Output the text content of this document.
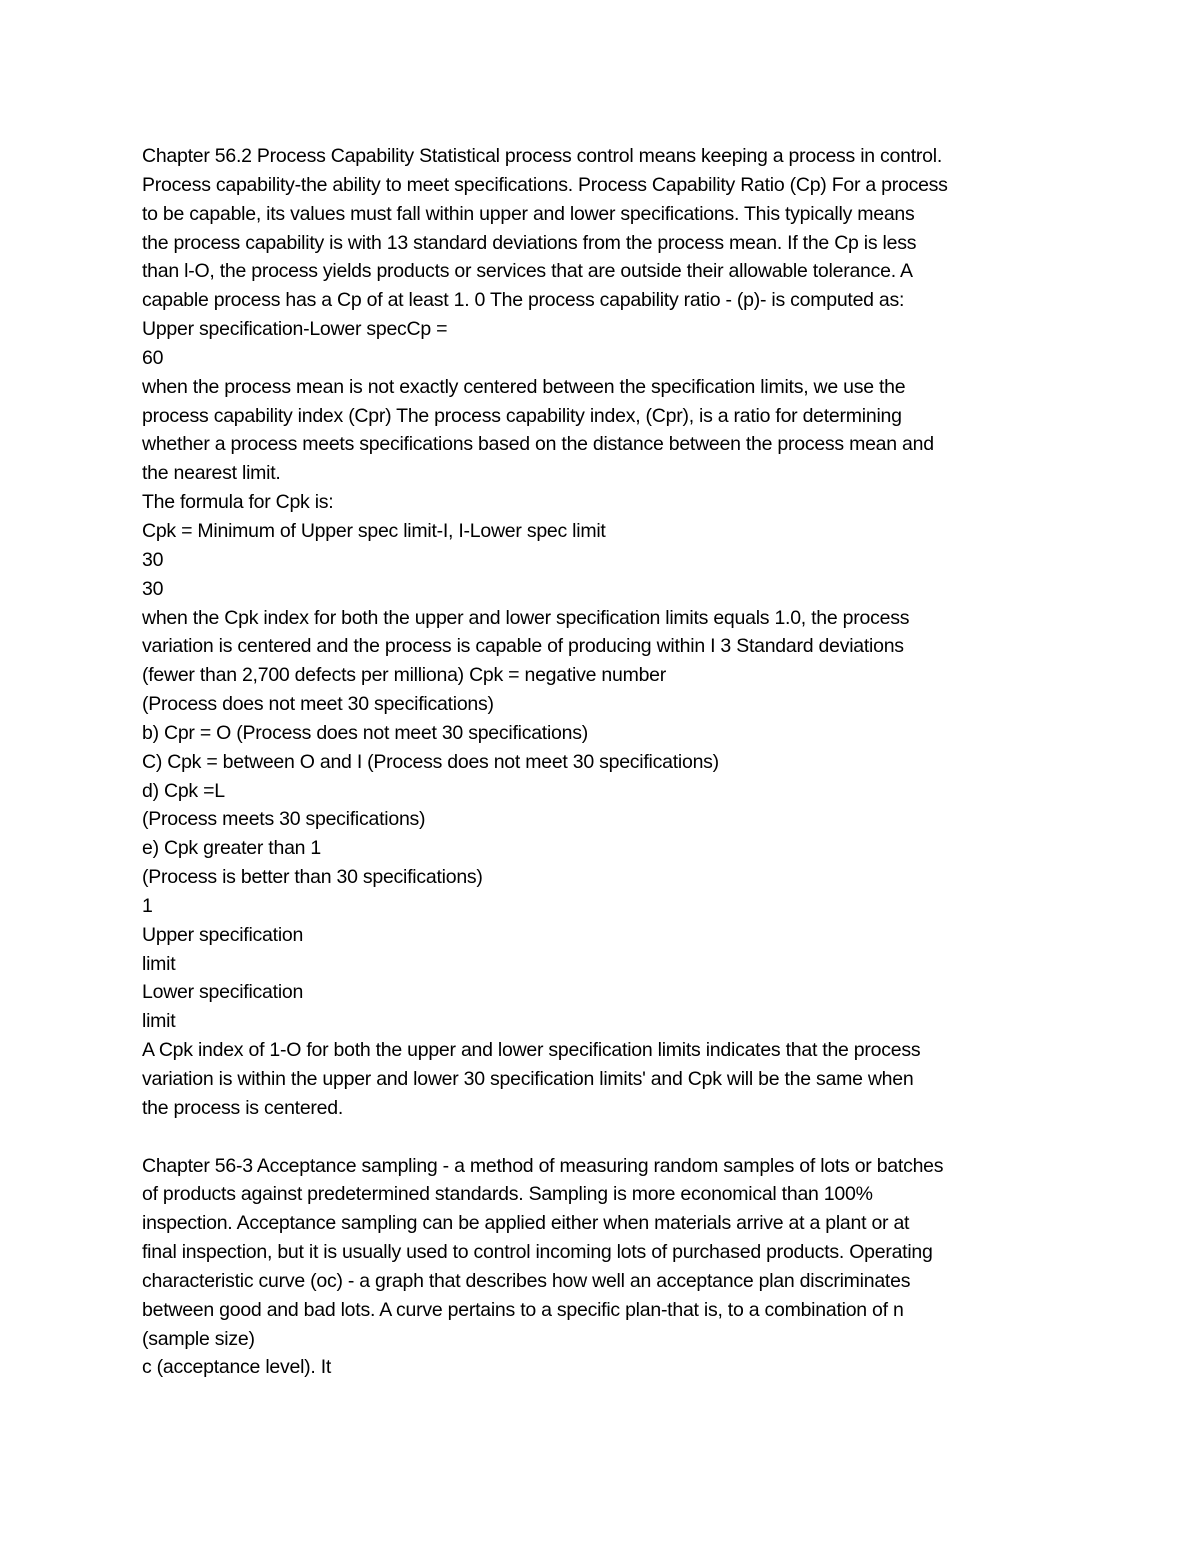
Chapter 56.2 Process Capability Statistical process control means keeping a process in control.
Process capability-the ability to meet specifications. Process Capability Ratio (Cp) For a process
to be capable, its values must fall within upper and lower specifications. This typically means
the process capability is with 13 standard deviations from the process mean. If the Cp is less
than l-O, the process yields products or services that are outside their allowable tolerance. A
capable process has a Cp of at least 1. 0 The process capability ratio - (p)- is computed as:
Upper specification-Lower specCp =
60
when the process mean is not exactly centered between the specification limits, we use the
process capability index (Cpr) The process capability index, (Cpr), is a ratio for determining
whether a process meets specifications based on the distance between the process mean and
the nearest limit.
The formula for Cpk is:
Cpk = Minimum of Upper spec limit-I, I-Lower spec limit
30
30
when the Cpk index for both the upper and lower specification limits equals 1.0, the process
variation is centered and the process is capable of producing within I 3 Standard deviations
(fewer than 2,700 defects per milliona) Cpk = negative number
(Process does not meet 30 specifications)
b) Cpr = O (Process does not meet 30 specifications)
C) Cpk = between O and I (Process does not meet 30 specifications)
d) Cpk =L
(Process meets 30 specifications)
e) Cpk greater than 1
(Process is better than 30 specifications)
1
Upper specification
limit
Lower specification
limit
A Cpk index of 1-O for both the upper and lower specification limits indicates that the process
variation is within the upper and lower 30 specification limits' and Cpk will be the same when
the process is centered.
Chapter 56-3 Acceptance sampling - a method of measuring random samples of lots or batches
of products against predetermined standards. Sampling is more economical than 100%
inspection. Acceptance sampling can be applied either when materials arrive at a plant or at
final inspection, but it is usually used to control incoming lots of purchased products. Operating
characteristic curve (oc) - a graph that describes how well an acceptance plan discriminates
between good and bad lots. A curve pertains to a specific plan-that is, to a combination of n
(sample size)
c (acceptance level). It
